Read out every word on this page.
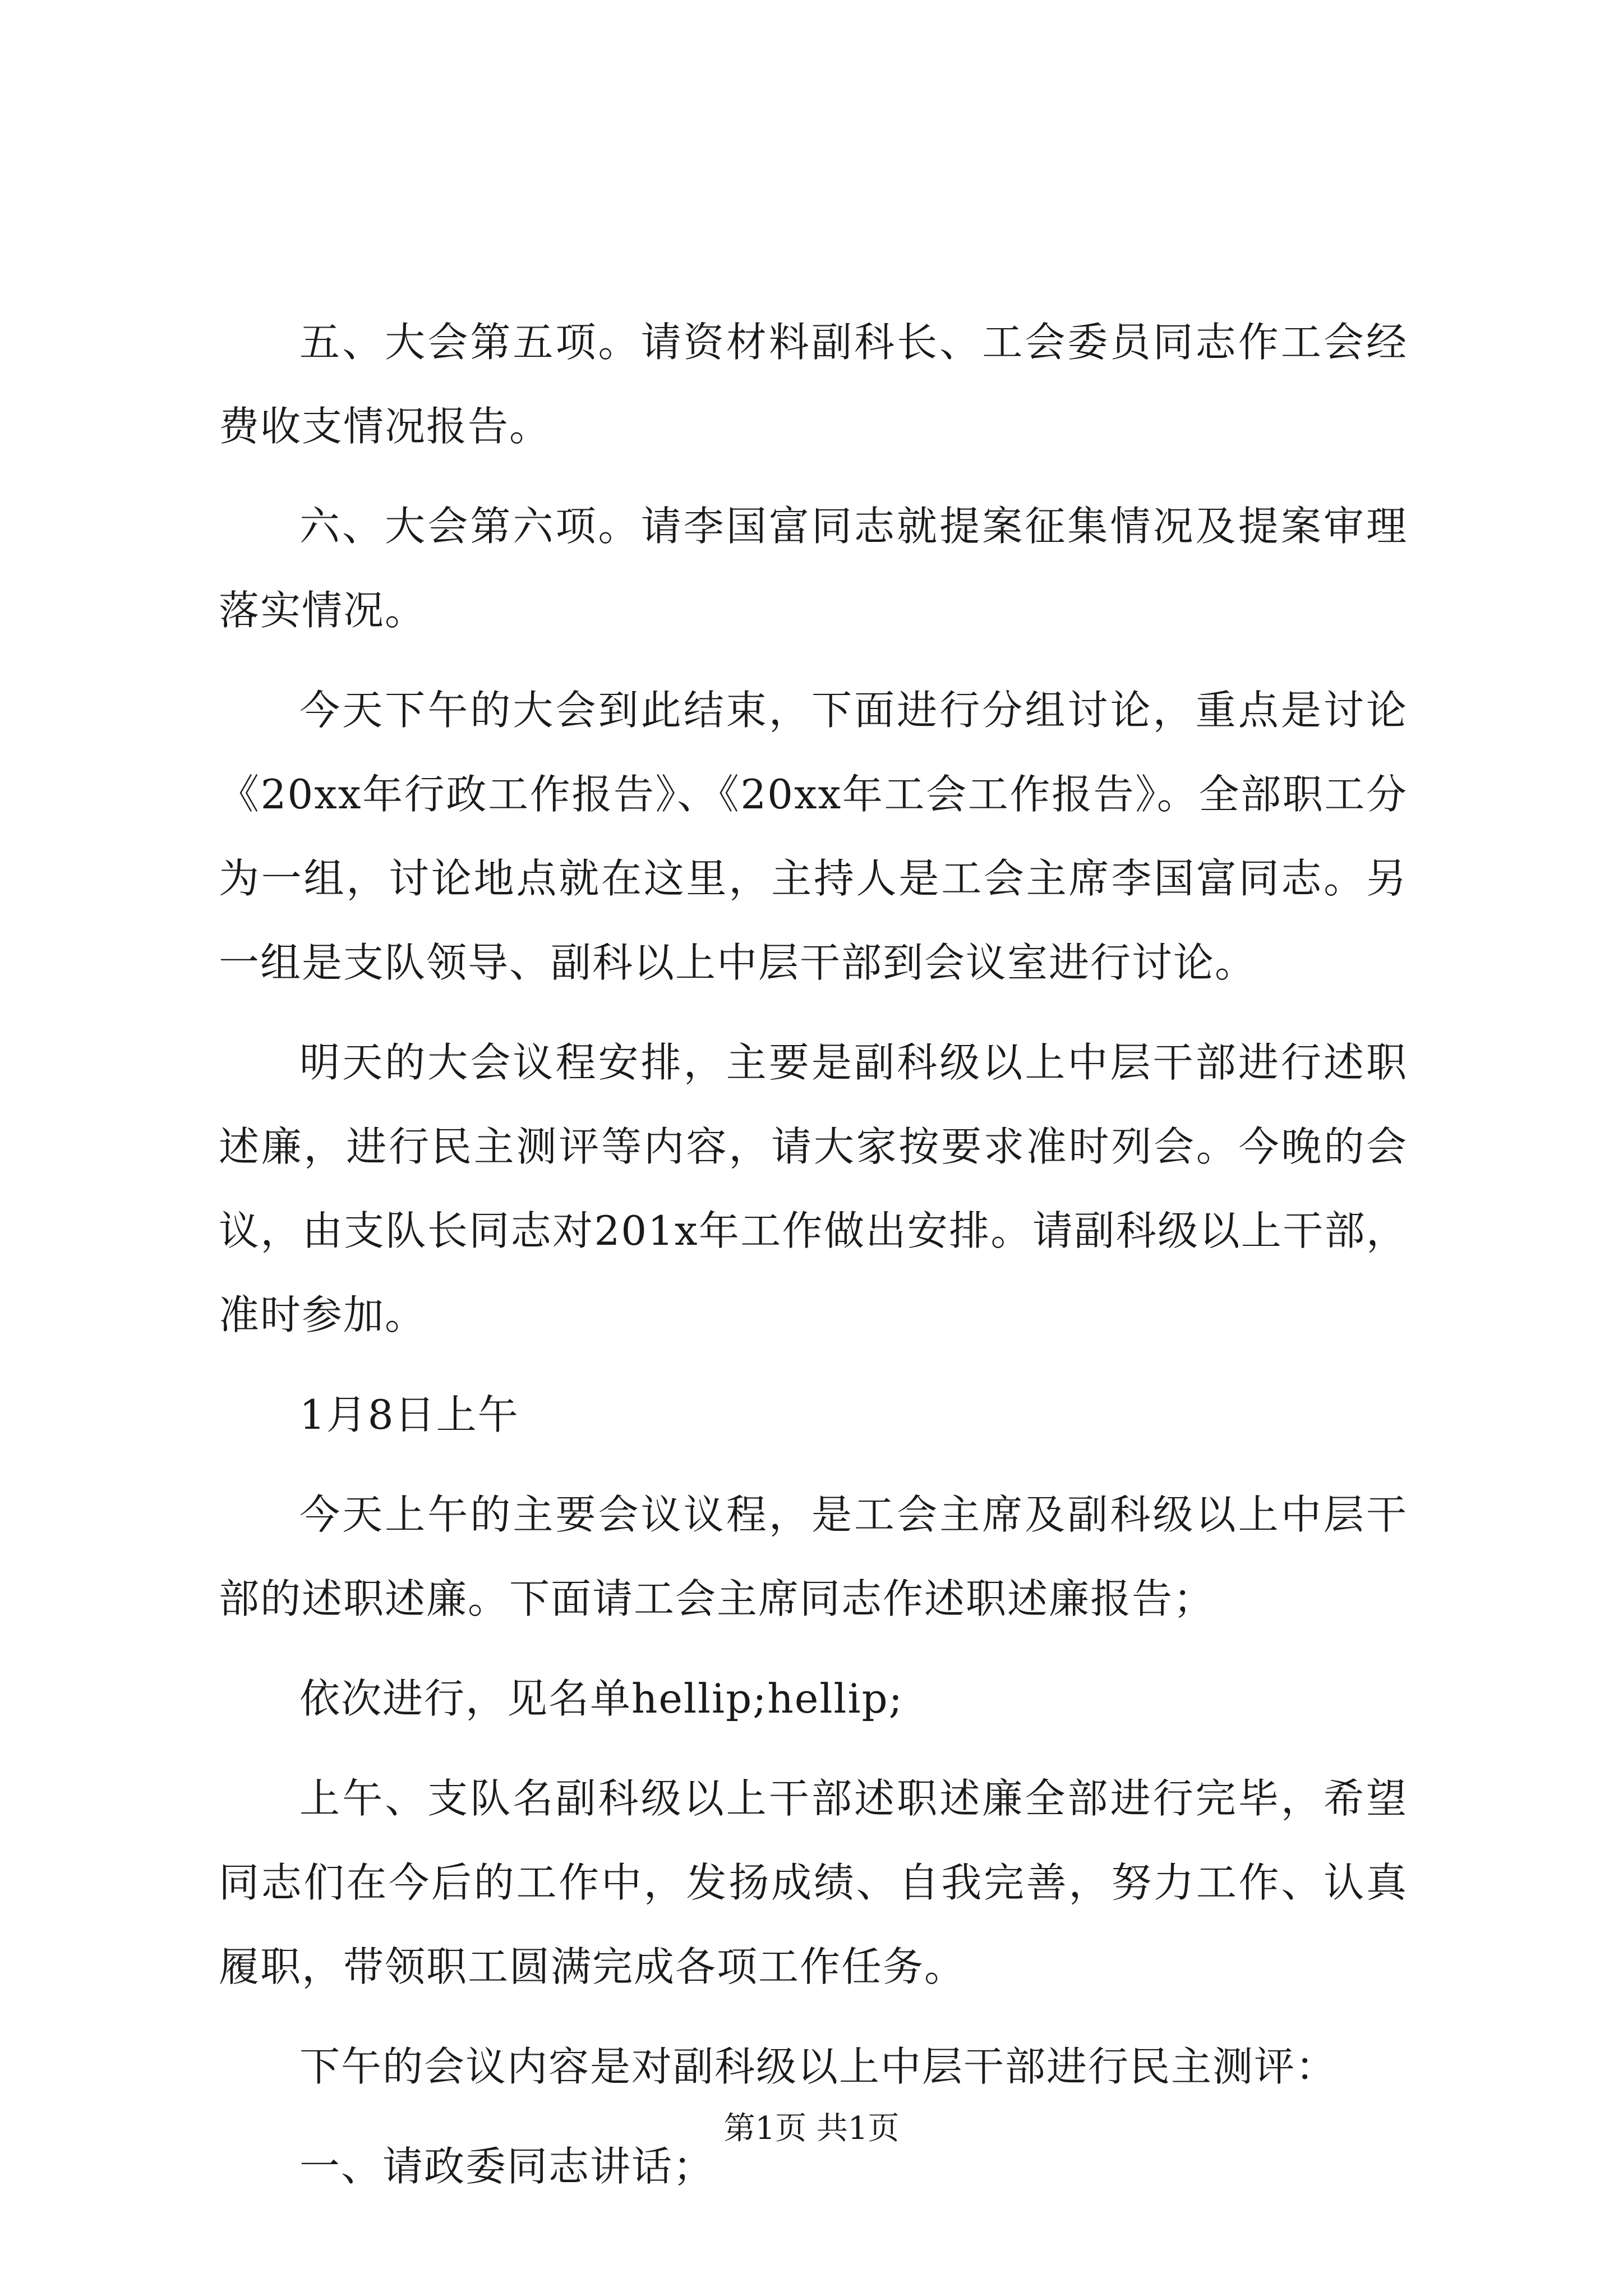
五、大会第五项。请资材料副科长、工会委员同志作工会经费收支情况报告。

六、大会第六项。请李国富同志就提案征集情况及提案审理落实情况。

今天下午的大会到此结束，下面进行分组讨论，重点是讨论《20xx年行政工作报告》、《20xx年工会工作报告》。全部职工分为一组，讨论地点就在这里，主持人是工会主席李国富同志。另一组是支队领导、副科以上中层干部到会议室进行讨论。

明天的大会议程安排，主要是副科级以上中层干部进行述职述廉，进行民主测评等内容，请大家按要求准时列会。今晚的会议，由支队长同志对201x年工作做出安排。请副科级以上干部，准时参加。

1月8日上午

今天上午的主要会议议程，是工会主席及副科级以上中层干部的述职述廉。下面请工会主席同志作述职述廉报告；

依次进行，见名单hellip;hellip;

上午、支队名副科级以上干部述职述廉全部进行完毕，希望同志们在今后的工作中，发扬成绩、自我完善，努力工作、认真履职，带领职工圆满完成各项工作任务。

下午的会议内容是对副科级以上中层干部进行民主测评：

一、请政委同志讲话；

第1页 共1页
